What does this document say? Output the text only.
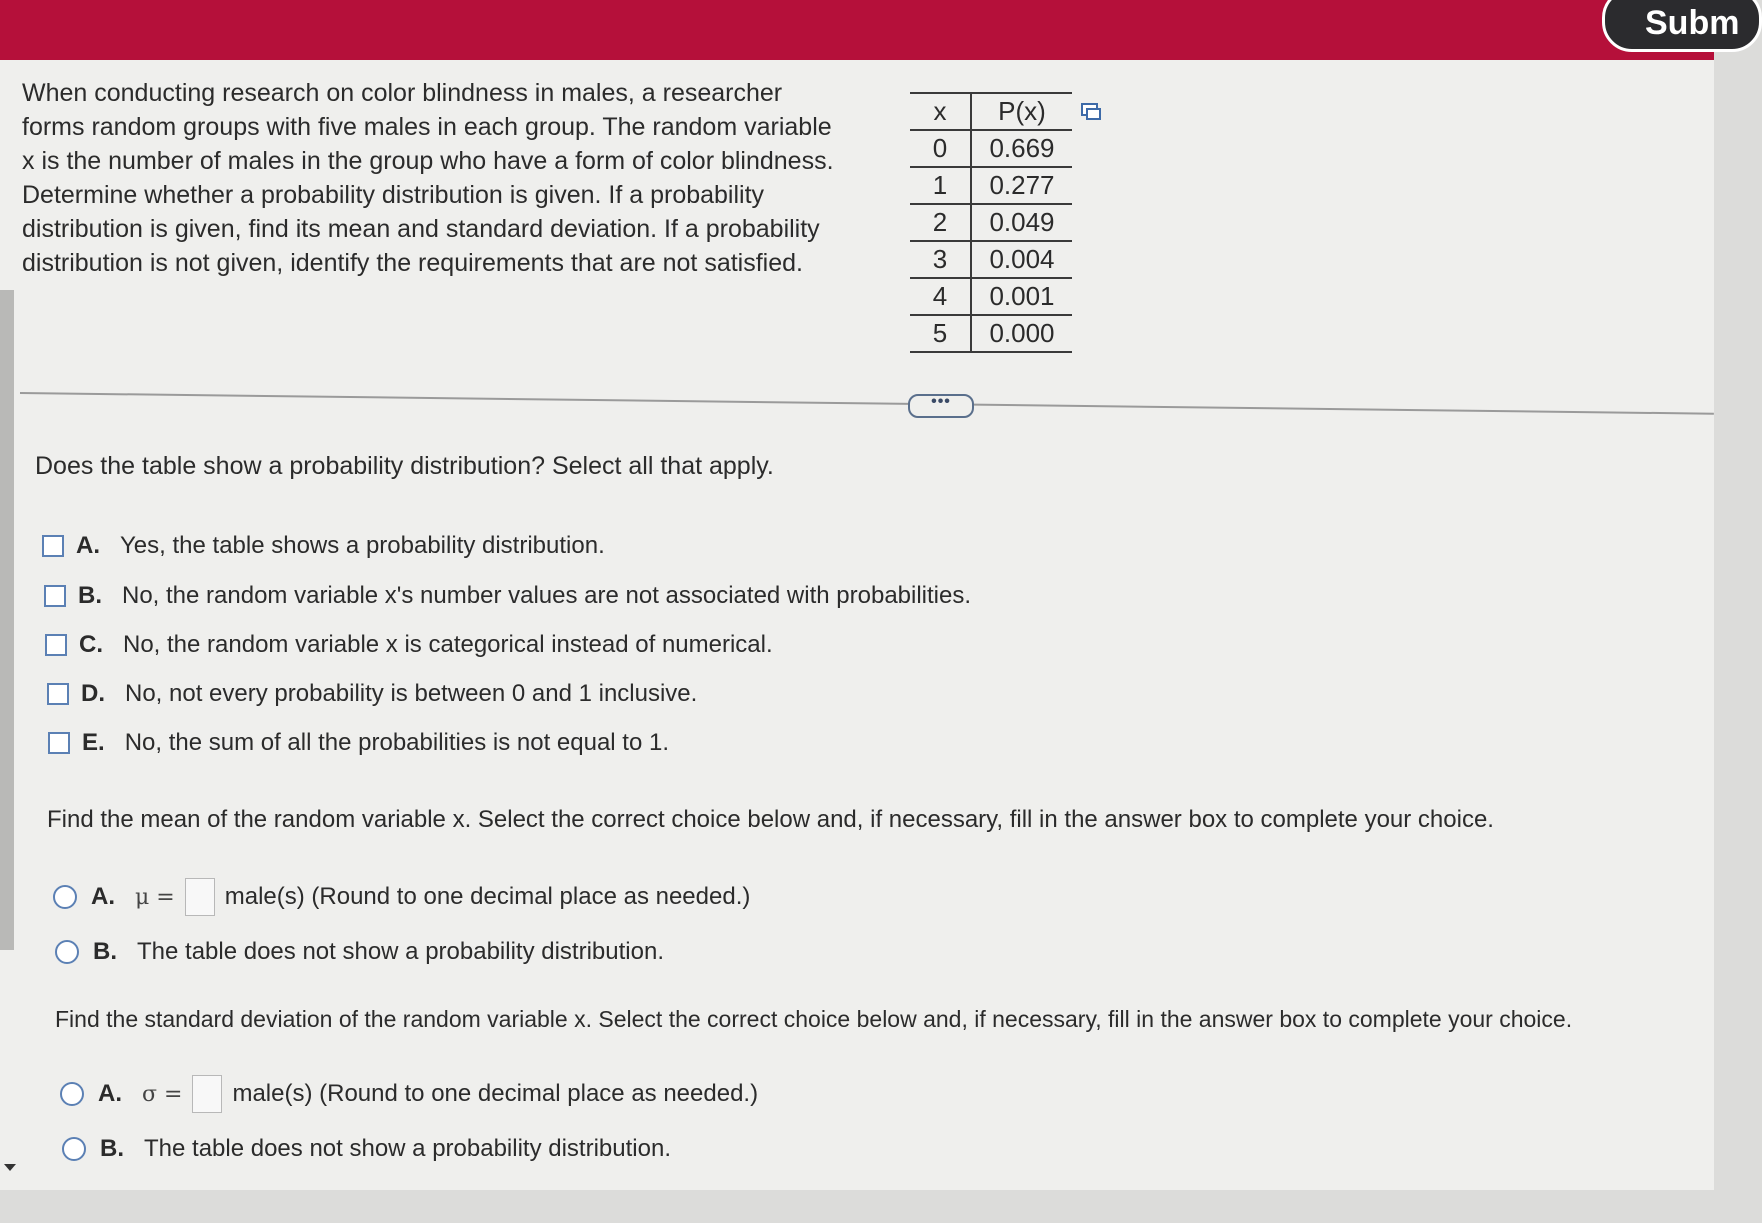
Subm
When conducting research on color blindness in males, a researcher
forms random groups with five males in each group. The random variable
x is the number of males in the group who have a form of color blindness.
Determine whether a probability distribution is given. If a probability
distribution is given, find its mean and standard deviation. If a probability
distribution is not given, identify the requirements that are not satisfied.
x	P(x)
0	0.669
1	0.277
2	0.049
3	0.004
4	0.001
5	0.000
•••
Does the table show a probability distribution? Select all that apply.
A. Yes, the table shows a probability distribution.
B. No, the random variable x's number values are not associated with probabilities.
C. No, the random variable x is categorical instead of numerical.
D. No, not every probability is between 0 and 1 inclusive.
E. No, the sum of all the probabilities is not equal to 1.
Find the mean of the random variable x. Select the correct choice below and, if necessary, fill in the answer box to complete your choice.
A. μ = male(s) (Round to one decimal place as needed.)
B. The table does not show a probability distribution.
Find the standard deviation of the random variable x. Select the correct choice below and, if necessary, fill in the answer box to complete your choice.
A. σ = male(s) (Round to one decimal place as needed.)
B. The table does not show a probability distribution.
